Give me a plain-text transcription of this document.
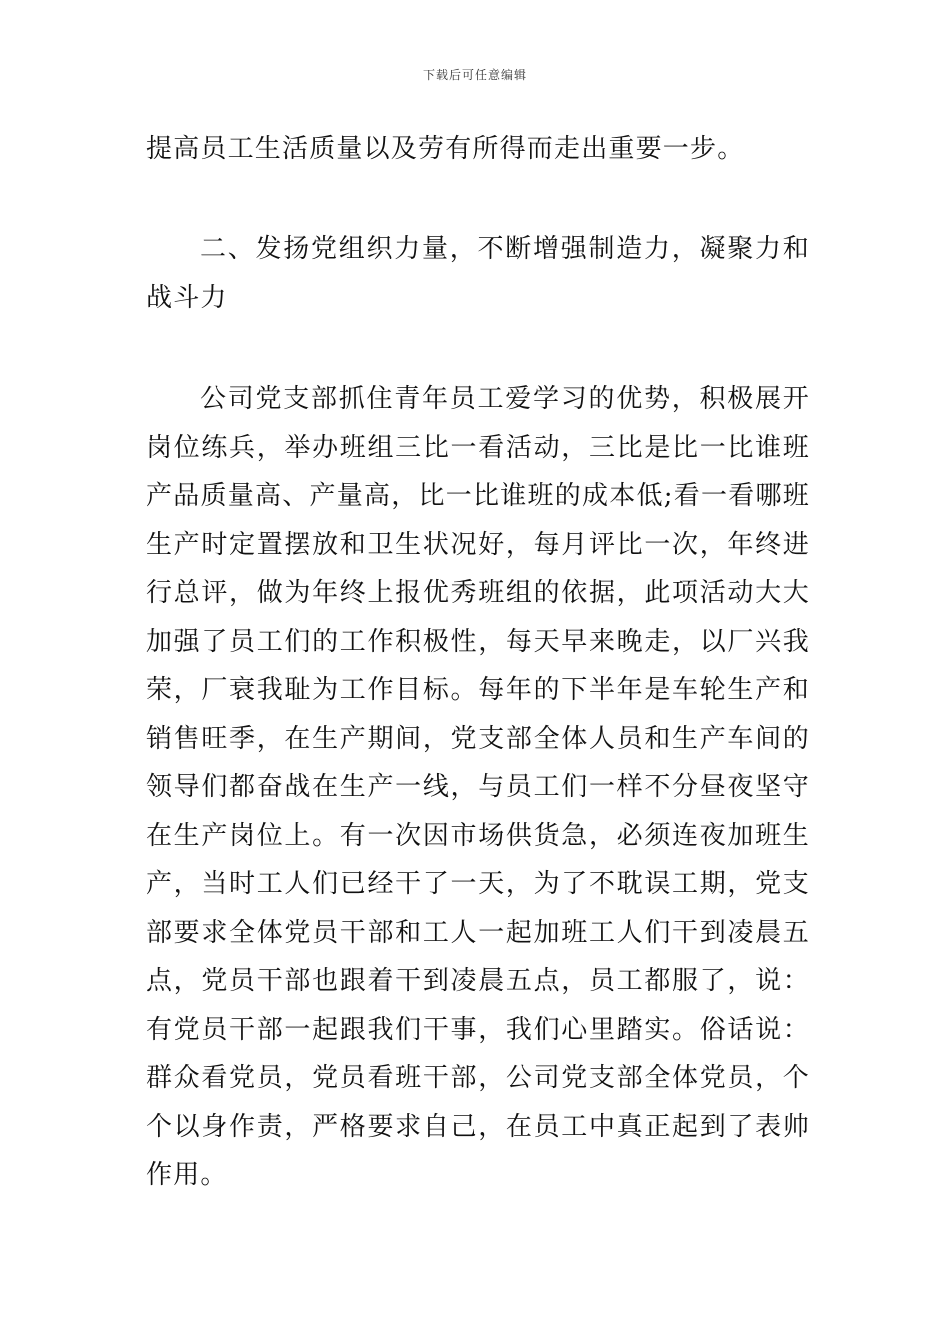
下载后可任意编辑

提高员工生活质量以及劳有所得而走出重要一步。

二、发扬党组织力量，不断增强制造力，凝聚力和战斗力

公司党支部抓住青年员工爱学习的优势，积极展开岗位练兵，举办班组三比一看活动，三比是比一比谁班产品质量高、产量高，比一比谁班的成本低;看一看哪班生产时定置摆放和卫生状况好，每月评比一次，年终进行总评，做为年终上报优秀班组的依据，此项活动大大加强了员工们的工作积极性，每天早来晚走，以厂兴我荣，厂衰我耻为工作目标。每年的下半年是车轮生产和销售旺季，在生产期间，党支部全体人员和生产车间的领导们都奋战在生产一线，与员工们一样不分昼夜坚守在生产岗位上。有一次因市场供货急，必须连夜加班生产，当时工人们已经干了一天，为了不耽误工期，党支部要求全体党员干部和工人一起加班工人们干到凌晨五点，党员干部也跟着干到凌晨五点，员工都服了，说：有党员干部一起跟我们干事，我们心里踏实。俗话说：群众看党员，党员看班干部，公司党支部全体党员，个个以身作责，严格要求自己，在员工中真正起到了表帅作用。
